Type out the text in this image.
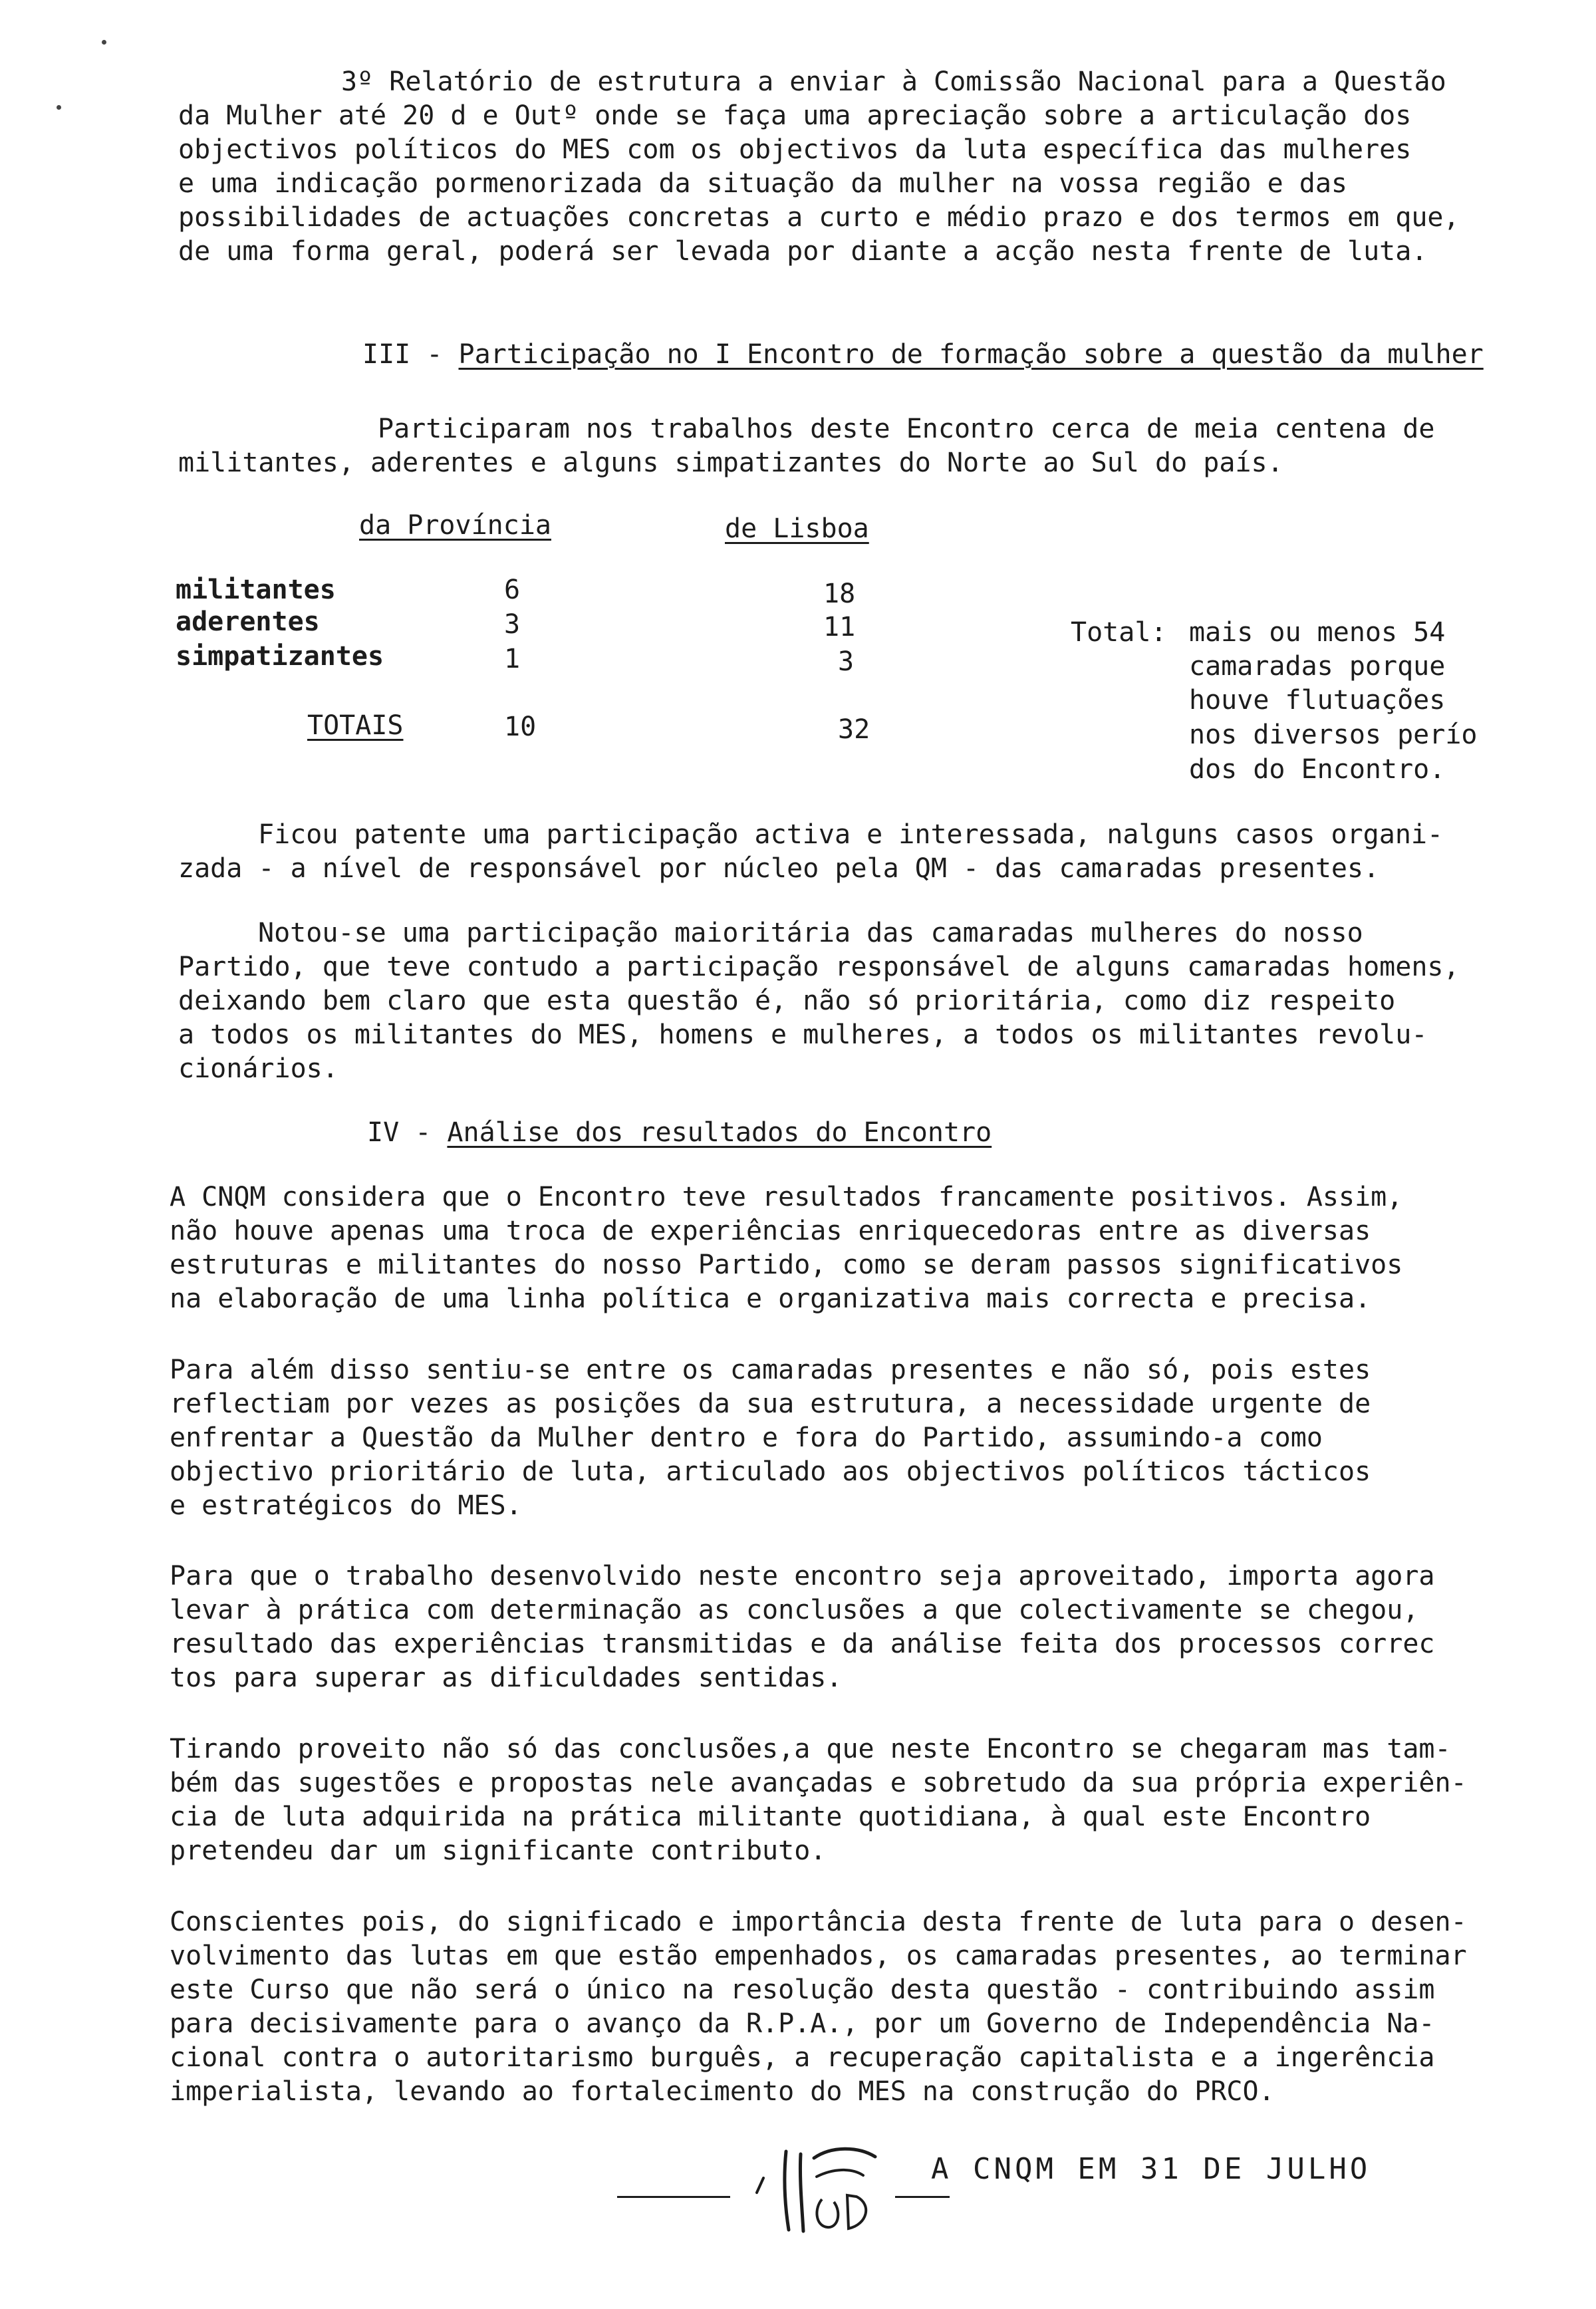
3º Relatório de estrutura a enviar à Comissão Nacional para a Questão
da Mulher até 20 d e Outº onde se faça uma apreciação sobre a articulação dos
objectivos políticos do MES com os objectivos da luta específica das mulheres
e uma indicação pormenorizada da situação da mulher na vossa região e das
possibilidades de actuações concretas a curto e médio prazo e dos termos em que,
de uma forma geral, poderá ser levada por diante a acção nesta frente de luta.
III - Participação no I Encontro de formação sobre a questão da mulher
Participaram nos trabalhos deste Encontro cerca de meia centena de
militantes, aderentes e alguns simpatizantes do Norte ao Sul do país.
da Província	de Lisboa
militantes	6	18
aderentes	3	11
simpatizantes	1	3
TOTAIS	10	32
Total: mais ou menos 54
camaradas porque
houve flutuações
nos diversos perío
dos do Encontro.
Ficou patente uma participação activa e interessada, nalguns casos organi-
zada - a nível de responsável por núcleo pela QM - das camaradas presentes.
Notou-se uma participação maioritária das camaradas mulheres do nosso
Partido, que teve contudo a participação responsável de alguns camaradas homens,
deixando bem claro que esta questão é, não só prioritária, como diz respeito
a todos os militantes do MES, homens e mulheres, a todos os militantes revolu-
cionários.
IV - Análise dos resultados do Encontro
A CNQM considera que o Encontro teve resultados francamente positivos. Assim,
não houve apenas uma troca de experiências enriquecedoras entre as diversas
estruturas e militantes do nosso Partido, como se deram passos significativos
na elaboração de uma linha política e organizativa mais correcta e precisa.
Para além disso sentiu-se entre os camaradas presentes e não só, pois estes
reflectiam por vezes as posições da sua estrutura, a necessidade urgente de
enfrentar a Questão da Mulher dentro e fora do Partido, assumindo-a como
objectivo prioritário de luta, articulado aos objectivos políticos tácticos
e estratégicos do MES.
Para que o trabalho desenvolvido neste encontro seja aproveitado, importa agora
levar à prática com determinação as conclusões a que colectivamente se chegou,
resultado das experiências transmitidas e da análise feita dos processos correc
tos para superar as dificuldades sentidas.
Tirando proveito não só das conclusões,a que neste Encontro se chegaram mas tam-
bém das sugestões e propostas nele avançadas e sobretudo da sua própria experiên-
cia de luta adquirida na prática militante quotidiana, à qual este Encontro
pretendeu dar um significante contributo.
Conscientes pois, do significado e importância desta frente de luta para o desen-
volvimento das lutas em que estão empenhados, os camaradas presentes, ao terminar
este Curso que não será o único na resolução desta questão - contribuindo assim
para decisivamente para o avanço da R.P.A., por um Governo de Independência Na-
cional contra o autoritarismo burguês, a recuperação capitalista e a ingerência
imperialista, levando ao fortalecimento do MES na construção do PRCO.
A CNQM EM 31 DE JULHO
